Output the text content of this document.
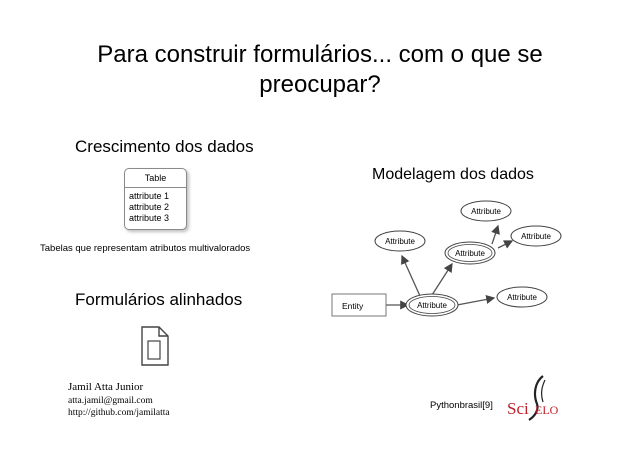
Para construir formulários... com o que se
preocupar?
Crescimento dos dados
Table
attribute 1
attribute 2
attribute 3
Tabelas que representam atributos multivalorados
Formulários alinhados
Modelagem dos dados
Entity	Attribute
Attribute
Attribute
Attribute
Attribute
Attribute
Jamil Atta Junior
atta.jamil@gmail.com
http://github.com/jamilatta
Pythonbrasil[9] Sci ELO
